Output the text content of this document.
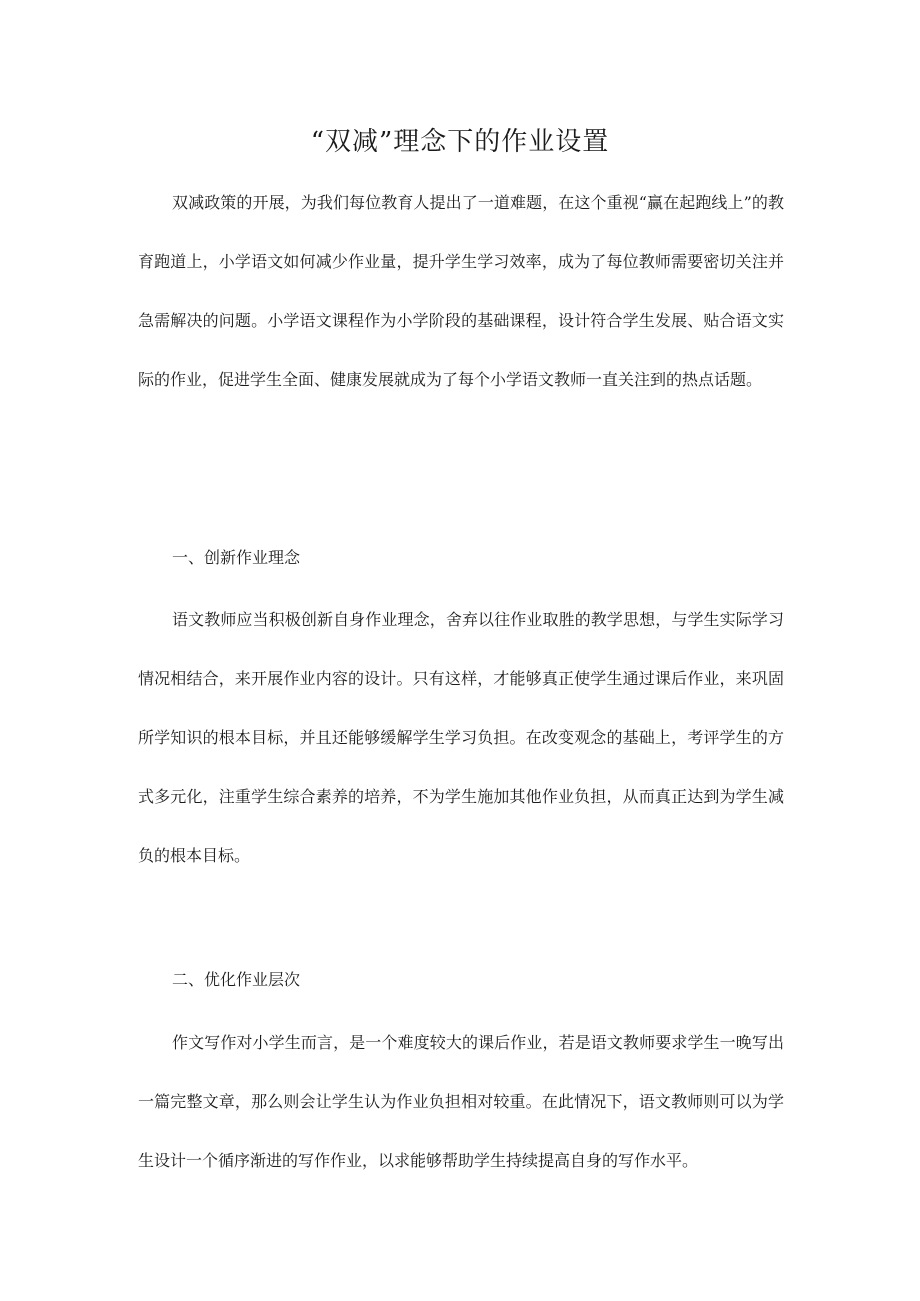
“双减”理念下的作业设置

双减政策的开展，为我们每位教育人提出了一道难题，在这个重视“赢在起跑线上”的教育跑道上，小学语文如何减少作业量，提升学生学习效率，成为了每位教师需要密切关注并急需解决的问题。小学语文课程作为小学阶段的基础课程，设计符合学生发展、贴合语文实际的作业，促进学生全面、健康发展就成为了每个小学语文教师一直关注到的热点话题。

一、创新作业理念

语文教师应当积极创新自身作业理念，舍弃以往作业取胜的教学思想，与学生实际学习情况相结合，来开展作业内容的设计。只有这样，才能够真正使学生通过课后作业，来巩固所学知识的根本目标，并且还能够缓解学生学习负担。在改变观念的基础上，考评学生的方式多元化，注重学生综合素养的培养，不为学生施加其他作业负担，从而真正达到为学生减负的根本目标。

二、优化作业层次

作文写作对小学生而言，是一个难度较大的课后作业，若是语文教师要求学生一晚写出一篇完整文章，那么则会让学生认为作业负担相对较重。在此情况下，语文教师则可以为学生设计一个循序渐进的写作作业，以求能够帮助学生持续提高自身的写作水平。
